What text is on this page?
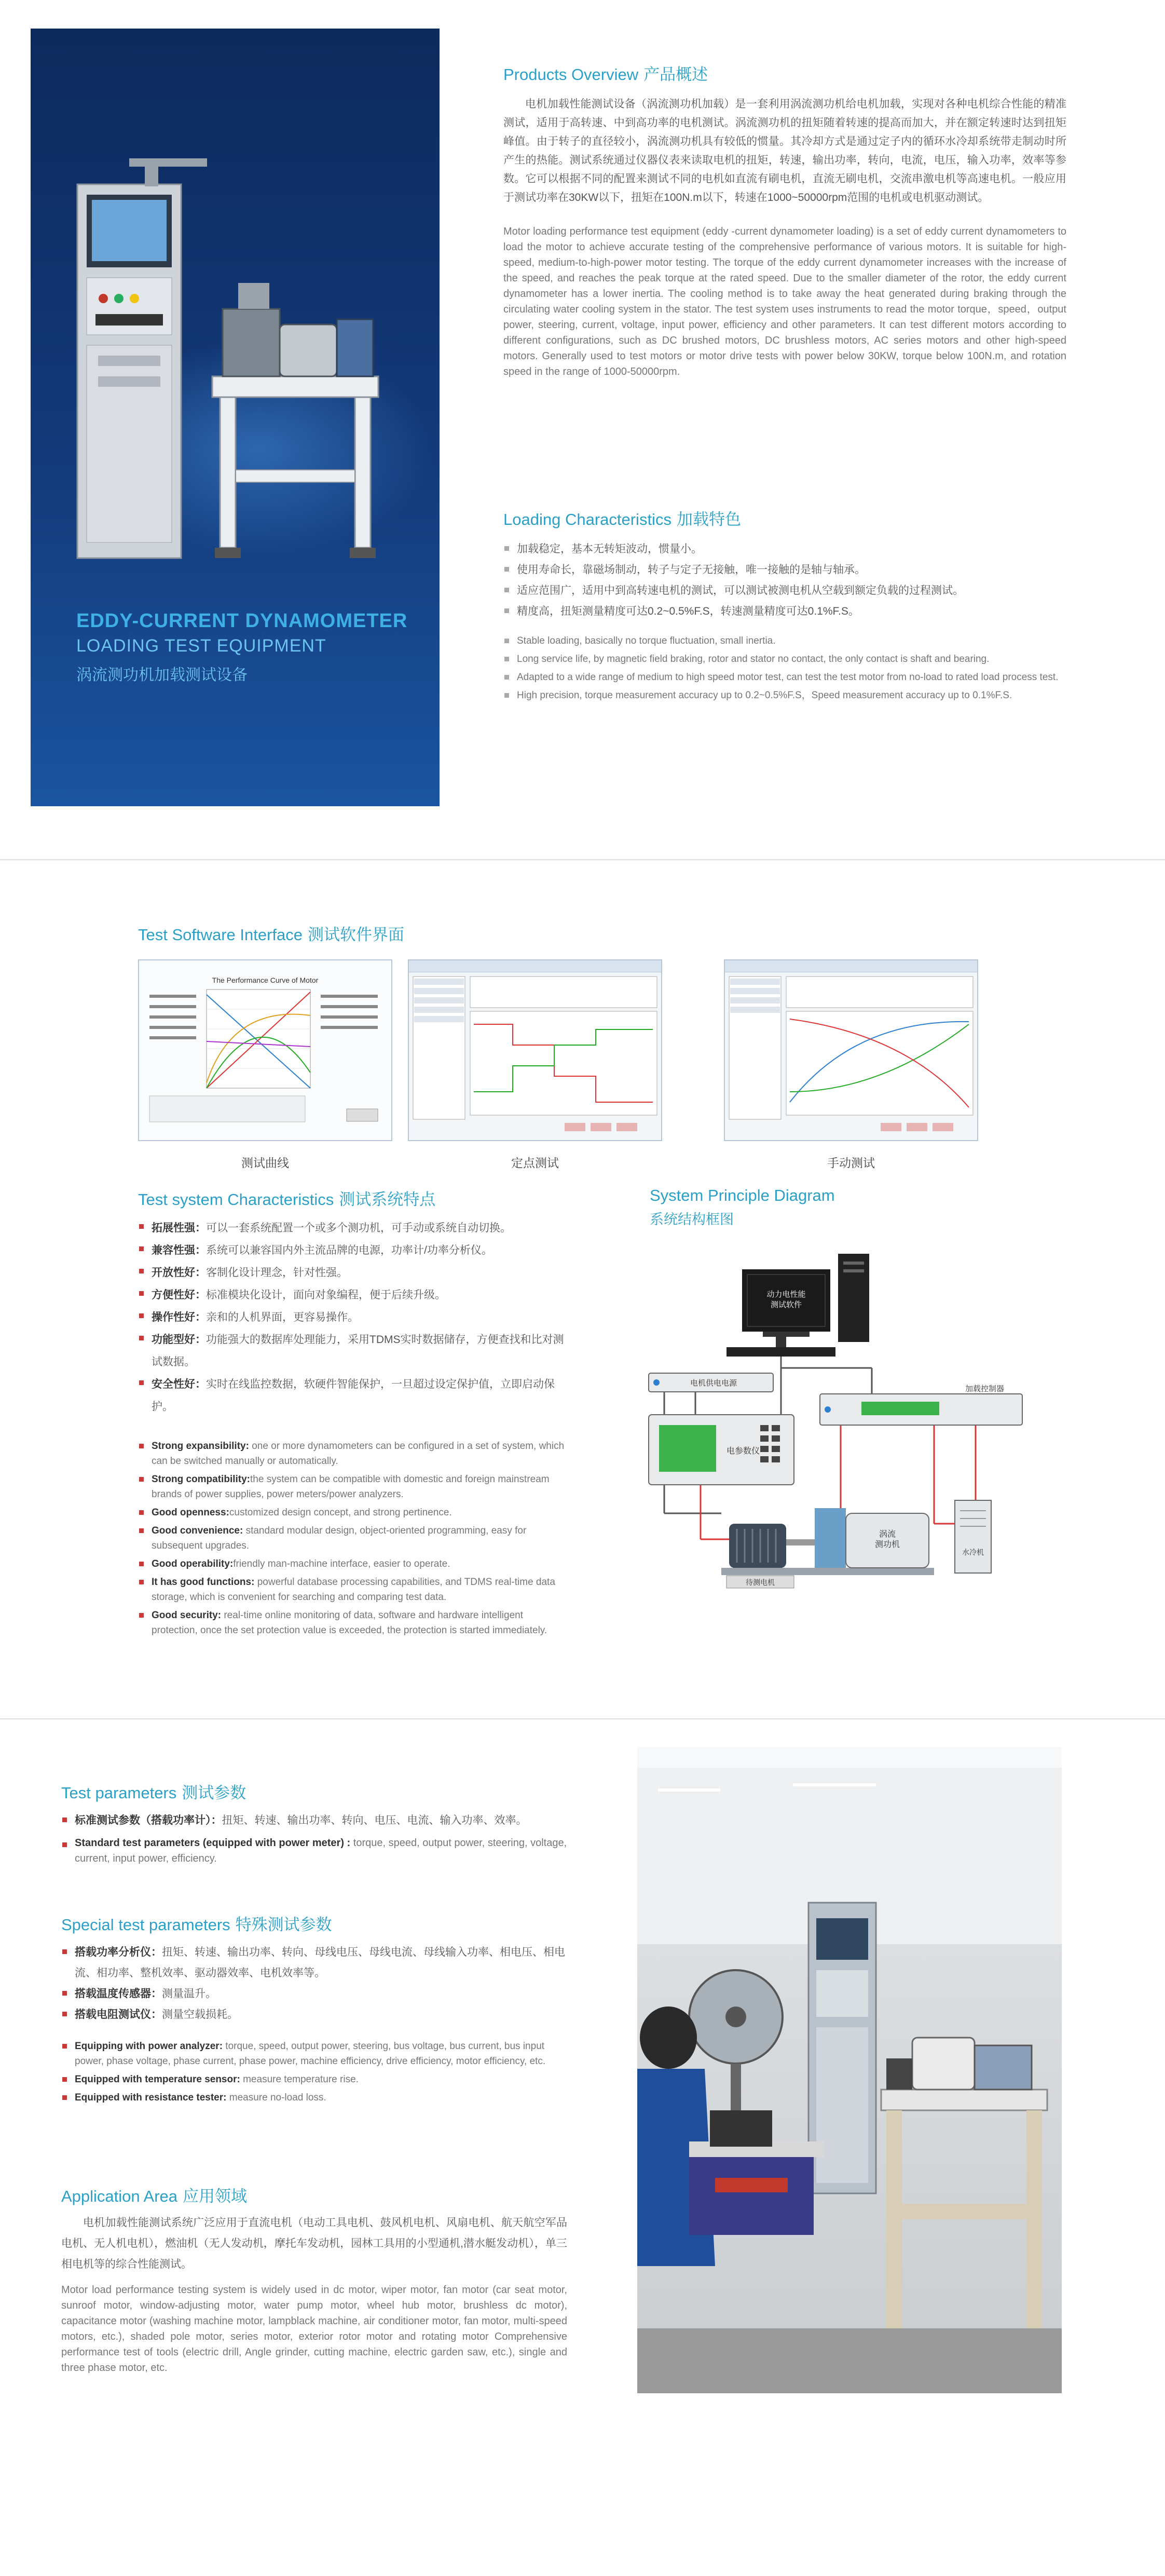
EDDY-CURRENT DYNAMOMETER
LOADING TEST EQUIPMENT
涡流测功机加载测试设备
Products Overview 产品概述

电机加载性能测试设备（涡流测功机加载）是一套利用涡流测功机给电机加载，实现对各种电机综合性能的精准测试，适用于高转速、中到高功率的电机测试。涡流测功机的扭矩随着转速的提高而加大，并在额定转速时达到扭矩峰值。由于转子的直径较小，涡流测功机具有较低的惯量。其冷却方式是通过定子内的循环水冷却系统带走制动时所产生的热能。测试系统通过仪器仪表来读取电机的扭矩，转速，输出功率，转向，电流，电压，输入功率，效率等参数。它可以根据不同的配置来测试不同的电机如直流有刷电机，直流无刷电机，交流串激电机等高速电机。一般应用于测试功率在30KW以下，扭矩在100N.m以下，转速在1000~50000rpm范围的电机或电机驱动测试。

Motor loading performance test equipment (eddy -current dynamometer loading) is a set of eddy current dynamometers to load the motor to achieve accurate testing of the comprehensive performance of various motors. It is suitable for high-speed, medium-to-high-power motor testing. The torque of the eddy current dynamometer increases with the increase of the speed, and reaches the peak torque at the rated speed. Due to the smaller diameter of the rotor, the eddy current dynamometer has a lower inertia. The cooling method is to take away the heat generated during braking through the circulating water cooling system in the stator. The test system uses instruments to read the motor torque，speed，output power, steering, current, voltage, input power, efficiency and other parameters. It can test different motors according to different configurations, such as DC brushed motors, DC brushless motors, AC series motors and other high-speed motors. Generally used to test motors or motor drive tests with power below 30KW, torque below 100N.m, and rotation speed in the range of 1000-50000rpm.

Loading Characteristics 加载特色
加载稳定，基本无转矩波动，惯量小。
使用寿命长，靠磁场制动，转子与定子无接触，唯一接触的是轴与轴承。
适应范围广，适用中到高转速电机的测试，可以测试被测电机从空载到额定负载的过程测试。
精度高，扭矩测量精度可达0.2~0.5%F.S，转速测量精度可达0.1%F.S。
Stable loading, basically no torque fluctuation, small inertia.
Long service life, by magnetic field braking, rotor and stator no contact, the only contact is shaft and bearing.
Adapted to a wide range of medium to high speed motor test, can test the test motor from no-load to rated load process test.
High precision, torque measurement accuracy up to 0.2~0.5%F.S，Speed measurement accuracy up to 0.1%F.S.
Test Software Interface 测试软件界面
The Performance Curve of Motor
测试曲线	定点测试	手动测试
Test system Characteristics 测试系统特点
拓展性强：可以一套系统配置一个或多个测功机，可手动或系统自动切换。
兼容性强：系统可以兼容国内外主流品牌的电源，功率计/功率分析仪。
开放性好：客制化设计理念，针对性强。
方便性好：标准模块化设计，面向对象编程，便于后续升级。
操作性好：亲和的人机界面，更容易操作。
功能型好：功能强大的数据库处理能力，采用TDMS实时数据储存，方便查找和比对测试数据。
安全性好：实时在线监控数据，软硬件智能保护，一旦超过设定保护值，立即启动保护。
Strong expansibility: one or more dynamometers can be configured in a set of system, which can be switched manually or automatically.
Strong compatibility:the system can be compatible with domestic and foreign mainstream brands of power supplies, power meters/power analyzers.
Good openness:customized design concept, and strong pertinence.
Good convenience: standard modular design, object-oriented programming, easy for subsequent upgrades.
Good operability:friendly man-machine interface, easier to operate.
It has good functions: powerful database processing capabilities, and TDMS real-time data storage, which is convenient for searching and comparing test data.
Good security: real-time online monitoring of data, software and hardware intelligent protection, once the set protection value is exceeded, the protection is started immediately.
System Principle Diagram
系统结构框图
动力电性能测试软件
电机供电电源
加载控制器
电参数仪
待测电机
涡流测功机
水冷机
Test parameters 测试参数
标准测试参数（搭载功率计）：扭矩、转速、输出功率、转向、电压、电流、输入功率、效率。
Standard test parameters (equipped with power meter) : torque, speed, output power, steering, voltage, current, input power, efficiency.
Special test parameters 特殊测试参数
搭载功率分析仪：扭矩、转速、输出功率、转向、母线电压、母线电流、母线输入功率、相电压、相电流、相功率、整机效率、驱动器效率、电机效率等。
搭载温度传感器：测量温升。
搭载电阻测试仪：测量空载损耗。
Equipping with power analyzer: torque, speed, output power, steering, bus voltage, bus current, bus input power, phase voltage, phase current, phase power, machine efficiency, drive efficiency, motor efficiency, etc.
Equipped with temperature sensor: measure temperature rise.
Equipped with resistance tester: measure no-load loss.
Application Area 应用领域

电机加载性能测试系统广泛应用于直流电机（电动工具电机、鼓风机电机、风扇电机、航天航空军品电机、无人机电机），燃油机（无人发动机，摩托车发动机，园林工具用的小型通机,潜水艇发动机），单三相电机等的综合性能测试。

Motor load performance testing system is widely used in dc motor, wiper motor, fan motor (car seat motor, sunroof motor, window-adjusting motor, water pump motor, wheel hub motor, brushless dc motor), capacitance motor (washing machine motor, lampblack machine, air conditioner motor, fan motor, multi-speed motors, etc.), shaded pole motor, series motor, exterior rotor motor and rotating motor Comprehensive performance test of tools (electric drill, Angle grinder, cutting machine, electric garden saw, etc.), single and three phase motor, etc.
